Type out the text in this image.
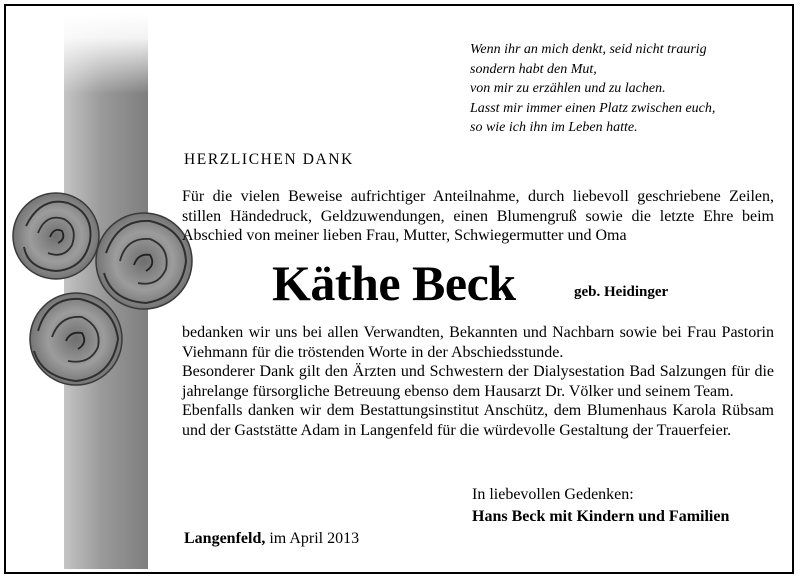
Wenn ihr an mich denkt, seid nicht traurig
sondern habt den Mut,
von mir zu erzählen und zu lachen.
Lasst mir immer einen Platz zwischen euch,
so wie ich ihn im Leben hatte.
HERZLICHEN DANK
Für die vielen Beweise aufrichtiger Anteilnahme, durch liebevoll geschriebene Zeilen, stillen Händedruck, Geldzuwendungen, einen Blumengruß sowie die letzte Ehre beim Abschied von meiner lieben Frau, Mutter, Schwiegermutter und Oma
Käthe Beck	geb. Heidinger
bedanken wir uns bei allen Verwandten, Bekannten und Nachbarn sowie bei Frau Pastorin Viehmann für die tröstenden Worte in der Abschiedsstunde.
Besonderer Dank gilt den Ärzten und Schwestern der Dialysestation Bad Salzungen für die jahrelange fürsorgliche Betreuung ebenso dem Hausarzt Dr. Völker und seinem Team.
Ebenfalls danken wir dem Bestattungsinstitut Anschütz, dem Blumenhaus Karola Rübsam und der Gaststätte Adam in Langenfeld für die würdevolle Gestaltung der Trauerfeier.
In liebevollen Gedenken:
Hans Beck mit Kindern und Familien
Langenfeld, im April 2013
